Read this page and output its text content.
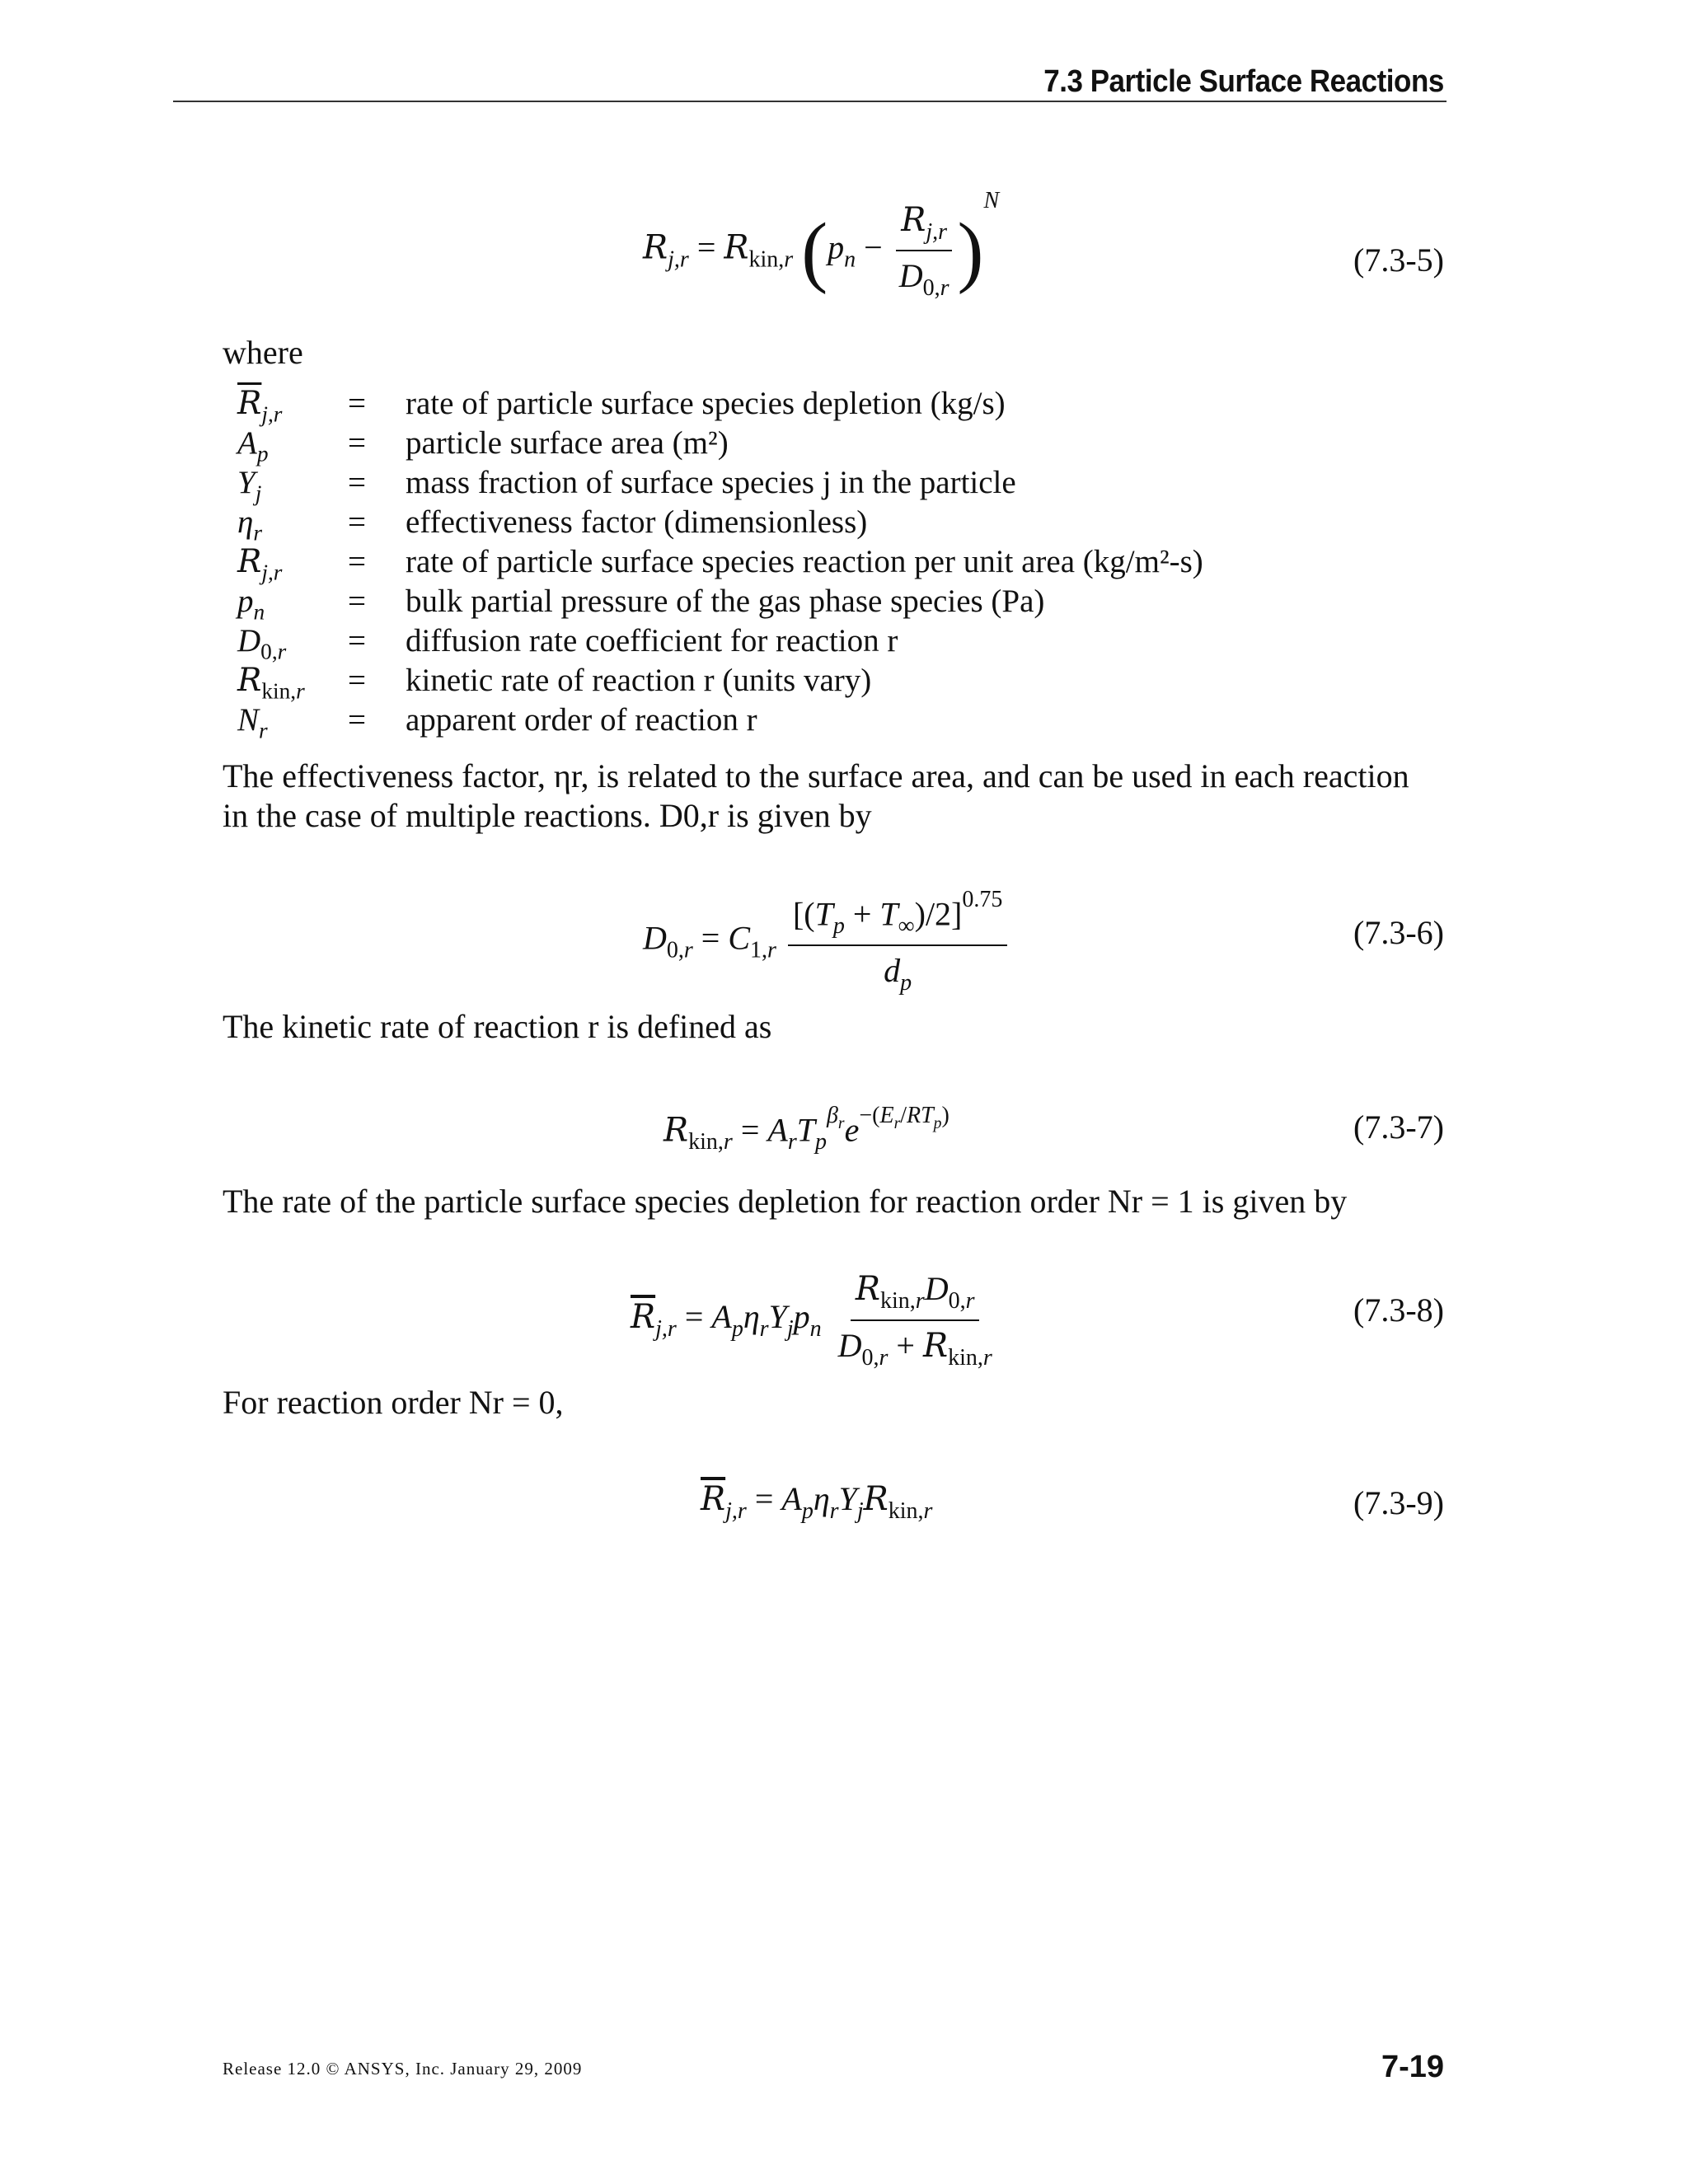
7.3 Particle Surface Reactions
$R_{j,r} = R_{kin,r}$ $(p_n - \frac{R_{j,r}}{D_{0,r}} )^N$
(7.3-5)
where
$\overline{R}_{j,r}$ = rate of particle surface species depletion (kg/s)
$A_p$ = particle surface area (m²)
$Y_j$	= mass fraction of surface species j in the particle
$\eta_r$	= effectiveness factor (dimensionless)
$R_{j,r}$ = rate of particle surface species reaction per unit area (kg/m²-s)
$p_n$	= bulk partial pressure of the gas phase species (Pa)
$D_{0,r}$ = diffusion rate coefficient for reaction r
$R_{kin,r}$ = kinetic rate of reaction r (units vary)
$N_r$ = apparent order of reaction r
The effectiveness factor, ηr, is related to the surface area, and can be used in each reaction
in the case of multiple reactions. D0,r is given by
$D_{0,r} = C_{1,r} \frac{[(T_p + T_\infty)/2]^{0.75}}{d_p}$	(7.3-6)
The kinetic rate of reaction r is defined as
$R_{kin,r} = A_rT_p^{\beta_r}e^{-(E_r/RT_p)}$	(7.3-7)
The rate of the particle surface species depletion for reaction order Nr = 1 is given by
$\overline{R}_{j,r} = A_p\eta_rY_jp_n \frac{R_{kin,r}D_{0,r}}{D_{0,r} + R_{kin,r}}$	(7.3-8)
For reaction order Nr = 0,
$\overline{R}_{j,r} = A_p\eta_rY_jR_{kin,r}$	(7.3-9)
Release 12.0 © ANSYS, Inc. January 29, 2009	7-19
